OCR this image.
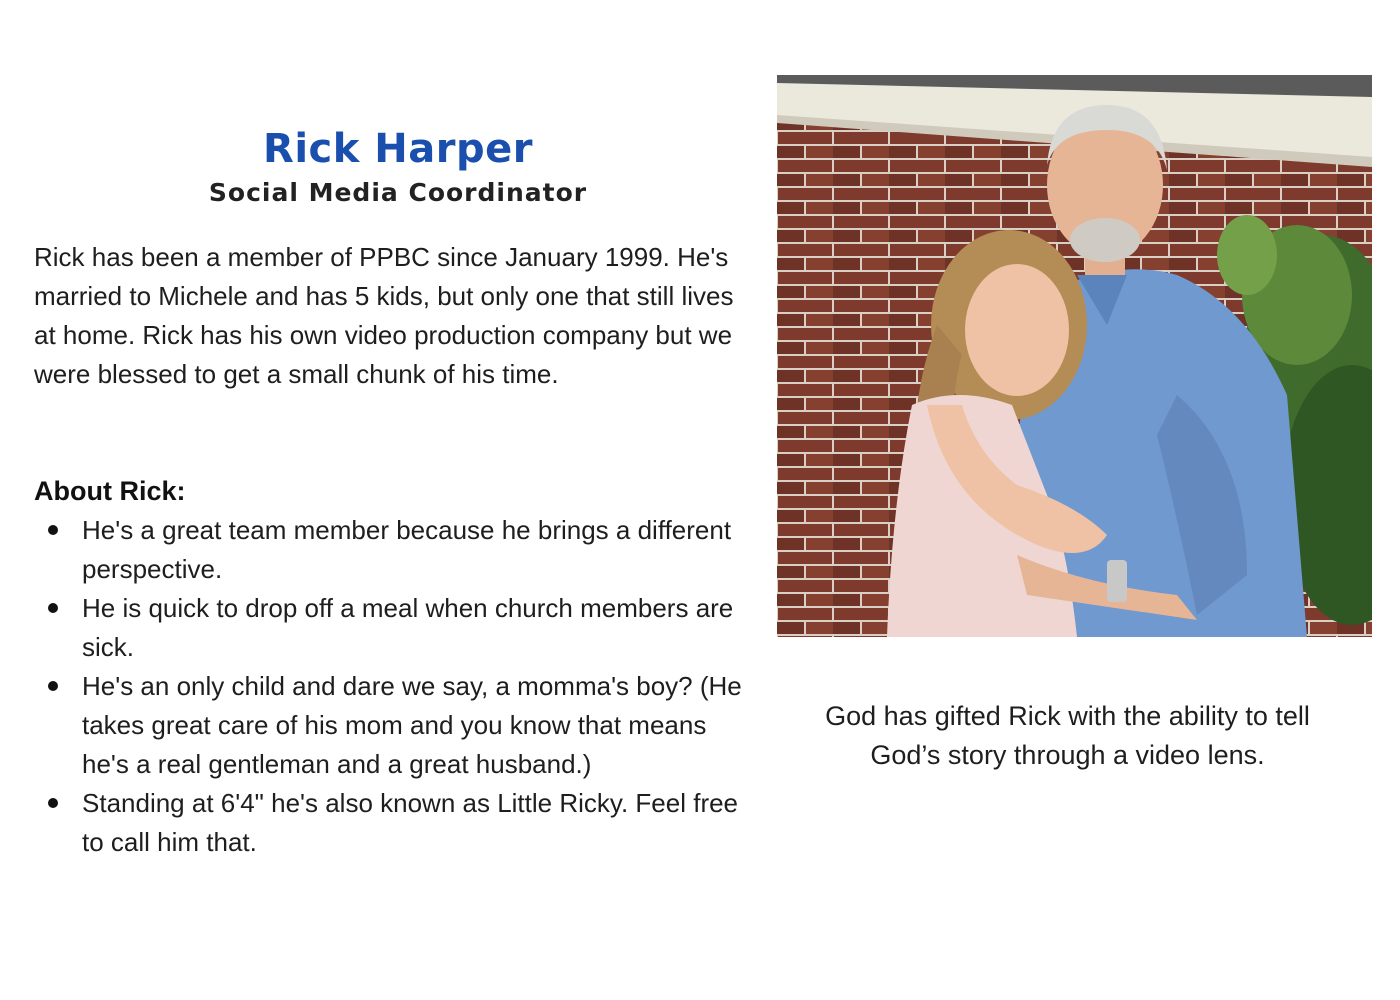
Rick Harper
Social Media Coordinator

Rick has been a member of PPBC since January 1999. He's married to Michele and has 5 kids, but only one that still lives at home. Rick has his own video production company but we were blessed to get a small chunk of his time.

About Rick:
He's a great team member because he brings a different perspective.
He is quick to drop off a meal when church members are sick.
He's an only child and dare we say, a momma's boy? (He takes great care of his mom and you know that means he's a real gentleman and a great husband.)
Standing at 6'4" he's also known as Little Ricky. Feel free to call him that.

God has gifted Rick with the ability to tell God’s story through a video lens.
